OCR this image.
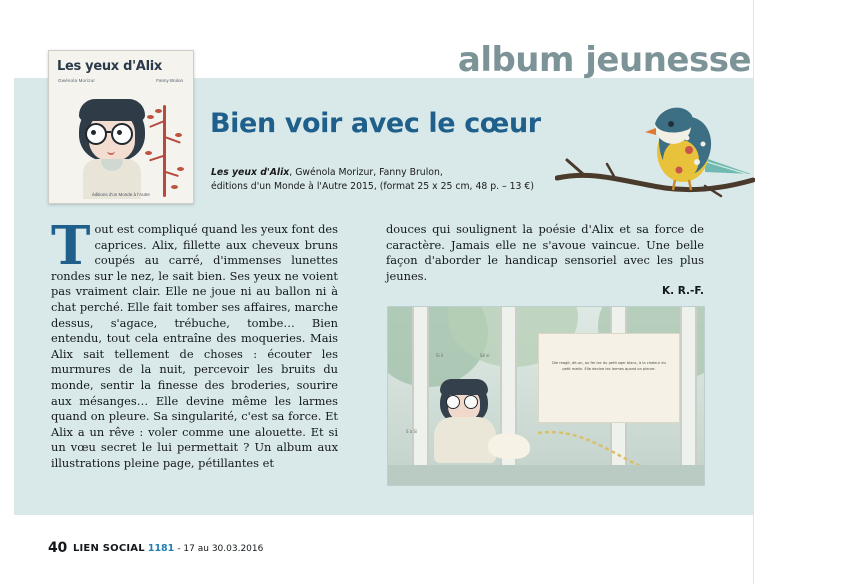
album jeunesse
Les yeux d'Alix
Gwénola Morizur	Fanny Brulon
éditions d'un Monde à l'Autre
Bien voir avec le cœur
Les yeux d'Alix, Gwénola Morizur, Fanny Brulon,
éditions d'un Monde à l'Autre 2015, (format 25 x 25 cm, 48 p. – 13 €)
Tout est compliqué quand les yeux font des caprices. Alix, fillette aux cheveux bruns coupés au carré, d'immenses lunettes rondes sur le nez, le sait bien. Ses yeux ne voient pas vraiment clair. Elle ne joue ni au ballon ni à chat perché. Elle fait tomber ses affaires, marche dessus, s'agace, trébuche, tombe… Bien entendu, tout cela entraîne des moqueries. Mais Alix sait tellement de choses : écouter les murmures de la nuit, percevoir les bruits du monde, sentir la finesse des broderies, sourire aux mésanges… Elle devine même les larmes quand on pleure. Sa singularité, c'est sa force. Et Alix a un rêve : voler comme une alouette. Et si un vœu secret le lui permettait ? Un album aux illustrations pleine page, pétillantes et
douces qui soulignent la poésie d'Alix et sa force de caractère. Jamais elle ne s'avoue vaincue. Une belle façon d'aborder le handicap sensoriel avec les plus jeunes.
K. R.-F.
Die reagit, dit-on, au fer lac du petit sqer blanc, à la chaleur du petit matin. Elle devine les larmes quand on pleure.
Si il	Sé si
S à Si
40 LIEN SOCIAL 1181 - 17 au 30.03.2016
